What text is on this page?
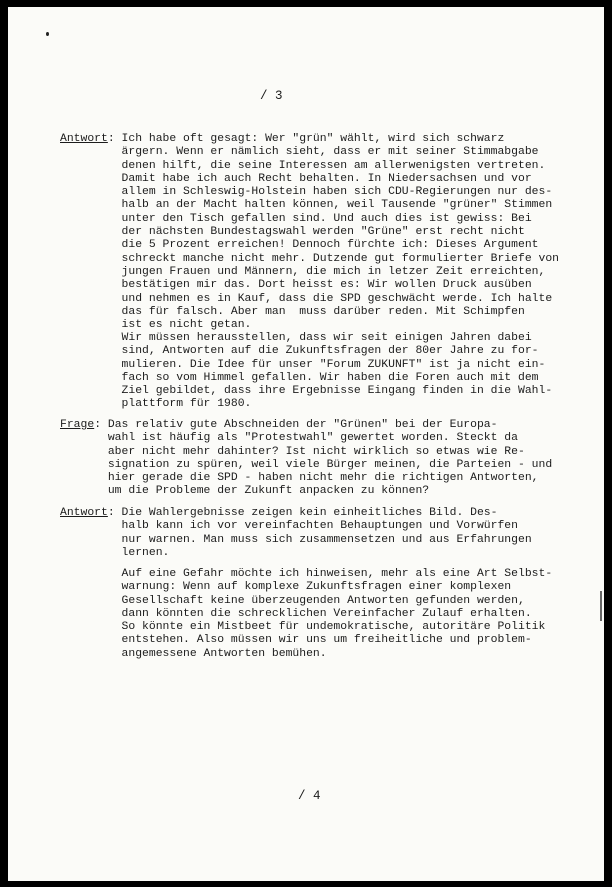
/ 3
Antwort: Ich habe oft gesagt: Wer "grün" wählt, wird sich schwarz
ärgern. Wenn er nämlich sieht, dass er mit seiner Stimmabgabe
denen hilft, die seine Interessen am allerwenigsten vertreten.
Damit habe ich auch Recht behalten. In Niedersachsen und vor
allem in Schleswig-Holstein haben sich CDU-Regierungen nur des-
halb an der Macht halten können, weil Tausende "grüner" Stimmen
unter den Tisch gefallen sind. Und auch dies ist gewiss: Bei
der nächsten Bundestagswahl werden "Grüne" erst recht nicht
die 5 Prozent erreichen! Dennoch fürchte ich: Dieses Argument
schreckt manche nicht mehr. Dutzende gut formulierter Briefe von
jungen Frauen und Männern, die mich in letzer Zeit erreichten,
bestätigen mir das. Dort heisst es: Wir wollen Druck ausüben
und nehmen es in Kauf, dass die SPD geschwächt werde. Ich halte
das für falsch. Aber man  muss darüber reden. Mit Schimpfen
ist es nicht getan.
Wir müssen herausstellen, dass wir seit einigen Jahren dabei
sind, Antworten auf die Zukunftsfragen der 80er Jahre zu for-
mulieren. Die Idee für unser "Forum ZUKUNFT" ist ja nicht ein-
fach so vom Himmel gefallen. Wir haben die Foren auch mit dem
Ziel gebildet, dass ihre Ergebnisse Eingang finden in die Wahl-
plattform für 1980.
Frage: Das relativ gute Abschneiden der "Grünen" bei der Europa-
wahl ist häufig als "Protestwahl" gewertet worden. Steckt da
aber nicht mehr dahinter? Ist nicht wirklich so etwas wie Re-
signation zu spüren, weil viele Bürger meinen, die Parteien - und
hier gerade die SPD - haben nicht mehr die richtigen Antworten,
um die Probleme der Zukunft anpacken zu können?
Antwort: Die Wahlergebnisse zeigen kein einheitliches Bild. Des-
halb kann ich vor vereinfachten Behauptungen und Vorwürfen
nur warnen. Man muss sich zusammensetzen und aus Erfahrungen
lernen.
Auf eine Gefahr möchte ich hinweisen, mehr als eine Art Selbst-
warnung: Wenn auf komplexe Zukunftsfragen einer komplexen
Gesellschaft keine überzeugenden Antworten gefunden werden,
dann könnten die schrecklichen Vereinfacher Zulauf erhalten.
So könnte ein Mistbeet für undemokratische, autoritäre Politik
entstehen. Also müssen wir uns um freiheitliche und problem-
angemessene Antworten bemühen.
/ 4
